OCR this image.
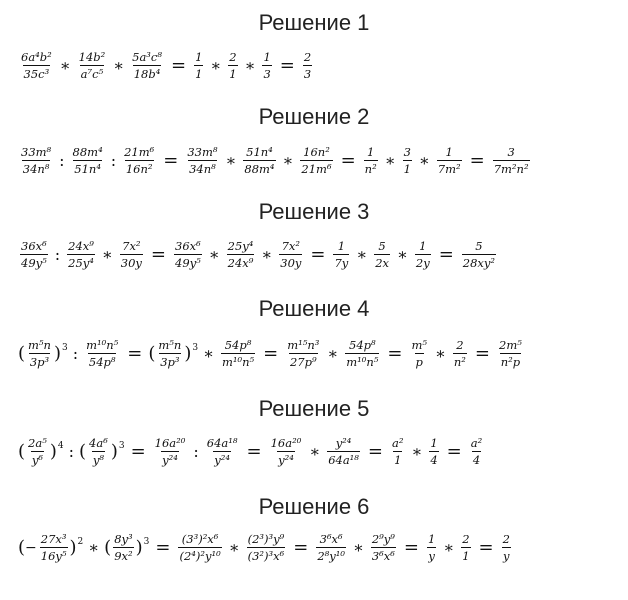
Решение 1
$\frac{\text{6a⁴b²}}{\text{35c³}}$ ∗ $\frac{\text{14b²}}{\text{a⁷c⁵}}$ ∗ $\frac{\text{5a³c⁸}}{\text{18b⁴}} = \frac{1}{1}$ ∗ $\frac{2}{1}$ ∗ $\frac{1}{3} = \frac{2}{3}$
Решение 2
$\frac{\text{33m⁸}}{\text{34n⁸}}$ : $\frac{\text{88m⁴}}{\text{51n⁴}}$ : $\frac{\text{21m⁶}}{\text{16n²}} = \frac{\text{33m⁸}}{\text{34n⁸}}$ ∗ $\frac{\text{51n⁴}}{\text{88m⁴}}$ ∗ $\frac{\text{16n²}}{\text{21m⁶}} = \frac{1}{\text{n²}}$ ∗ $\frac{3}{1}$ ∗ $\frac{1}{\text{7m²}} = \frac{3}{\text{7m²n²}}$
Решение 3
$\frac{\text{36x⁶}}{\text{49y⁵}}$ : $\frac{\text{24x⁹}}{\text{25y⁴}}$ ∗ $\frac{\text{7x²}}{30y} = \frac{\text{36x⁶}}{\text{49y⁵}}$ ∗ $\frac{\text{25y⁴}}{\text{24x⁹}}$ ∗ $\frac{\text{7x²}}{30y} = \frac{1}{7y}$ ∗ $\frac{5}{2x}$ ∗ $\frac{1}{2y} = \frac{5}{\text{28xy²}}$
Решение 4
( $\frac{\text{m⁵n}}{\text{3p³}}$ ) 3 : $\frac{\text{m¹⁰n⁵}}{\text{54p⁸}}$ = ( $\frac{\text{m⁵n}}{\text{3p³}}$ ) 3 ∗ $\frac{\text{54p⁸}}{\text{m¹⁰n⁵}} = \frac{\text{m¹⁵n³}}{\text{27p⁹}}$ ∗ $\frac{\text{54p⁸}}{\text{m¹⁰n⁵}} = \frac{\text{m⁵}}{p}$ ∗ $\frac{2}{\text{n²}} = \frac{\text{2m⁵}}{\text{n²p}}$
Решение 5
( $\frac{\text{2a⁵}}{\text{y⁶}}$ ) 4 : ( $\frac{\text{4a⁶}}{\text{y⁸}}$ ) $3 = \frac{\text{16a²⁰}}{\text{y²⁴}}$ : $\frac{\text{64a¹⁸}}{\text{y²⁴}} = \frac{\text{16a²⁰}}{\text{y²⁴}}$ ∗ $\frac{\text{y²⁴}}{\text{64a¹⁸}} = \frac{\text{a²}}{1}$ ∗ $\frac{1}{4} = \frac{\text{a²}}{4}$
Решение 6
( − $\frac{\text{27x³}}{\text{16y⁵}}$ ) 2 ∗ ( $\frac{\text{8y³}}{\text{9x²}}$ ) $3 = \frac{\text{(3³)²x⁶}}{\text{(2⁴)²y¹⁰}}$ ∗ $\frac{\text{(2³)³y⁹}}{\text{(3²)³x⁶}} = \frac{\text{3⁶x⁶}}{\text{2⁸y¹⁰}}$ ∗ $\frac{\text{2⁹y⁹}}{\text{3⁶x⁶}} = \frac{1}{y}$ ∗ $\frac{2}{1} = \frac{2}{y}$
